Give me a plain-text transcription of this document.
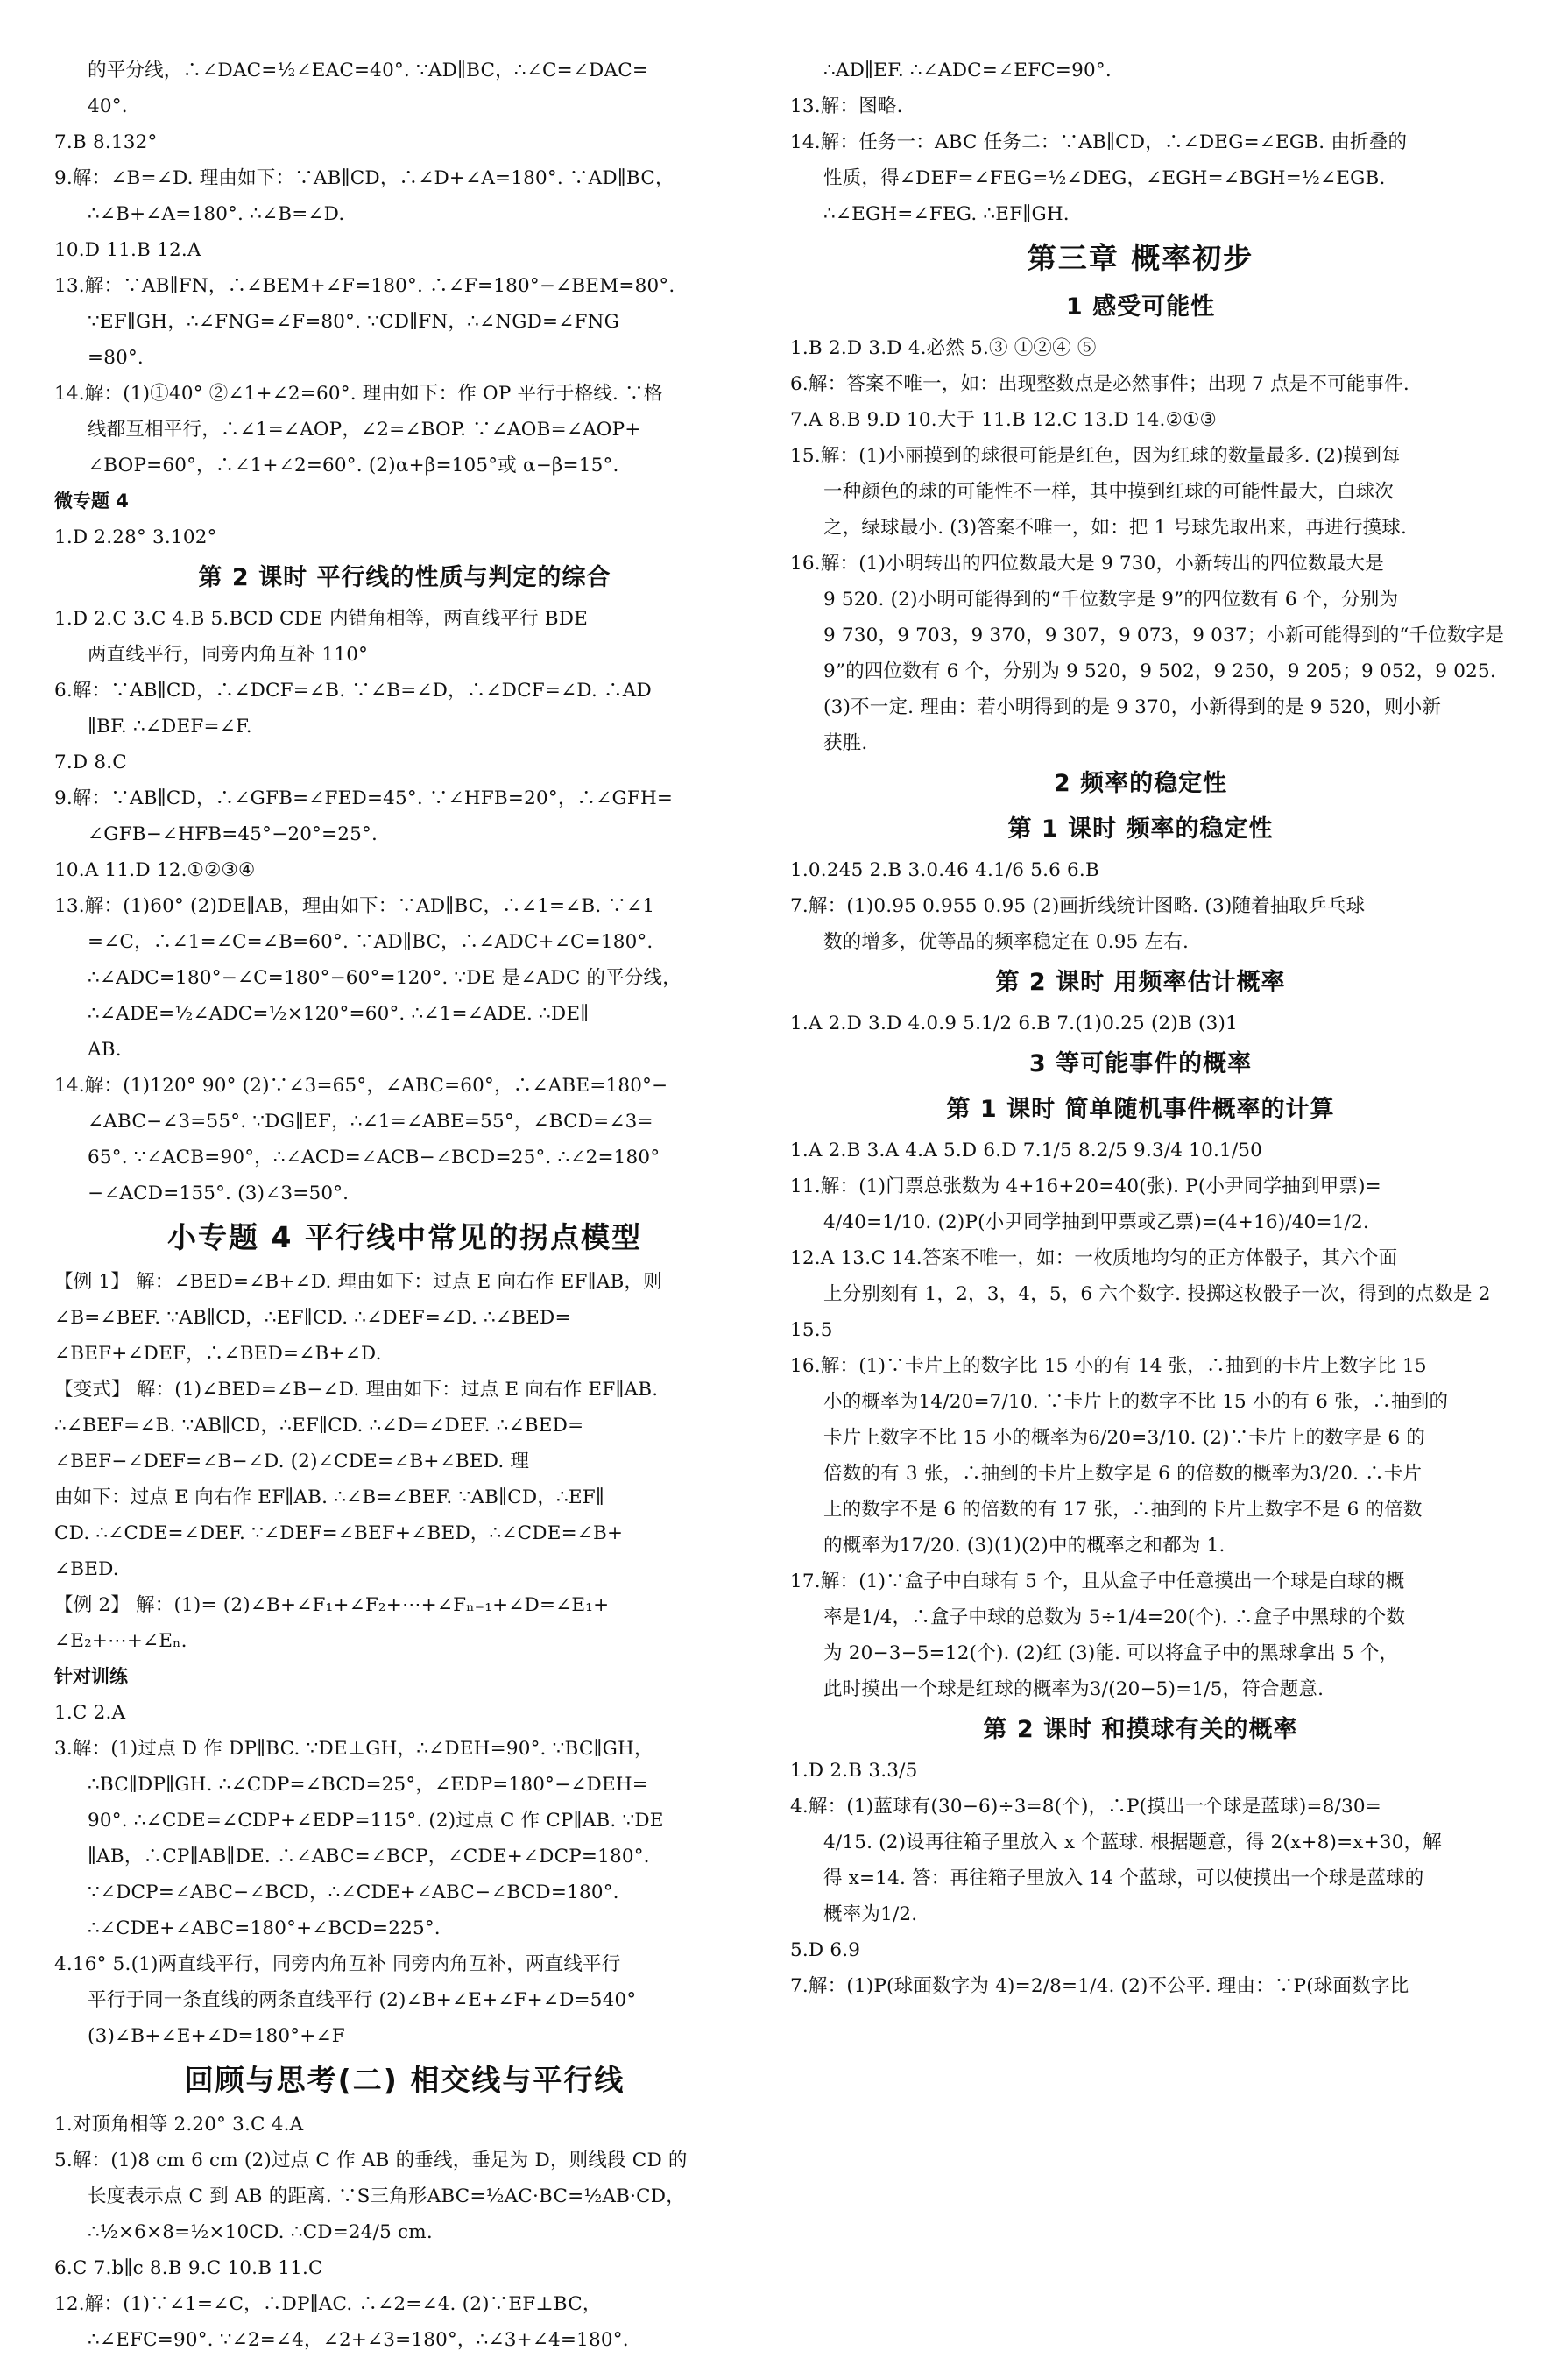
的平分线，∴∠DAC=½∠EAC=40°. ∵AD∥BC，∴∠C=∠DAC=
40°.
7.B 8.132°
9.解：∠B=∠D. 理由如下：∵AB∥CD，∴∠D+∠A=180°. ∵AD∥BC，
∴∠B+∠A=180°. ∴∠B=∠D.
10.D 11.B 12.A
13.解：∵AB∥FN，∴∠BEM+∠F=180°. ∴∠F=180°−∠BEM=80°.
∵EF∥GH，∴∠FNG=∠F=80°. ∵CD∥FN，∴∠NGD=∠FNG
=80°.
14.解：(1)①40° ②∠1+∠2=60°. 理由如下：作 OP 平行于格线. ∵格
线都互相平行，∴∠1=∠AOP，∠2=∠BOP. ∵∠AOB=∠AOP+
∠BOP=60°，∴∠1+∠2=60°. (2)α+β=105°或 α−β=15°.
微专题 4
1.D 2.28° 3.102°
第 2 课时 平行线的性质与判定的综合
1.D 2.C 3.C 4.B 5.BCD CDE 内错角相等，两直线平行 BDE
两直线平行，同旁内角互补 110°
6.解：∵AB∥CD，∴∠DCF=∠B. ∵∠B=∠D，∴∠DCF=∠D. ∴AD
∥BF. ∴∠DEF=∠F.
7.D 8.C
9.解：∵AB∥CD，∴∠GFB=∠FED=45°. ∵∠HFB=20°，∴∠GFH=
∠GFB−∠HFB=45°−20°=25°.
10.A 11.D 12.①②③④
13.解：(1)60° (2)DE∥AB，理由如下：∵AD∥BC，∴∠1=∠B. ∵∠1
=∠C，∴∠1=∠C=∠B=60°. ∵AD∥BC，∴∠ADC+∠C=180°.
∴∠ADC=180°−∠C=180°−60°=120°. ∵DE 是∠ADC 的平分线，
∴∠ADE=½∠ADC=½×120°=60°. ∴∠1=∠ADE. ∴DE∥
AB.
14.解：(1)120° 90° (2)∵∠3=65°，∠ABC=60°，∴∠ABE=180°−
∠ABC−∠3=55°. ∵DG∥EF，∴∠1=∠ABE=55°，∠BCD=∠3=
65°. ∵∠ACB=90°，∴∠ACD=∠ACB−∠BCD=25°. ∴∠2=180°
−∠ACD=155°. (3)∠3=50°.
小专题 4 平行线中常见的拐点模型
【例 1】 解：∠BED=∠B+∠D. 理由如下：过点 E 向右作 EF∥AB，则
∠B=∠BEF. ∵AB∥CD，∴EF∥CD. ∴∠DEF=∠D. ∴∠BED=
∠BEF+∠DEF，∴∠BED=∠B+∠D.
【变式】 解：(1)∠BED=∠B−∠D. 理由如下：过点 E 向右作 EF∥AB.
∴∠BEF=∠B. ∵AB∥CD，∴EF∥CD. ∴∠D=∠DEF. ∴∠BED=
∠BEF−∠DEF=∠B−∠D. (2)∠CDE=∠B+∠BED. 理
由如下：过点 E 向右作 EF∥AB. ∴∠B=∠BEF. ∵AB∥CD，∴EF∥
CD. ∴∠CDE=∠DEF. ∵∠DEF=∠BEF+∠BED，∴∠CDE=∠B+
∠BED.
【例 2】 解：(1)= (2)∠B+∠F₁+∠F₂+⋯+∠Fₙ₋₁+∠D=∠E₁+
∠E₂+⋯+∠Eₙ.
针对训练
1.C 2.A
3.解：(1)过点 D 作 DP∥BC. ∵DE⊥GH，∴∠DEH=90°. ∵BC∥GH，
∴BC∥DP∥GH. ∴∠CDP=∠BCD=25°，∠EDP=180°−∠DEH=
90°. ∴∠CDE=∠CDP+∠EDP=115°. (2)过点 C 作 CP∥AB. ∵DE
∥AB，∴CP∥AB∥DE. ∴∠ABC=∠BCP，∠CDE+∠DCP=180°.
∵∠DCP=∠ABC−∠BCD，∴∠CDE+∠ABC−∠BCD=180°.
∴∠CDE+∠ABC=180°+∠BCD=225°.
4.16° 5.(1)两直线平行，同旁内角互补 同旁内角互补，两直线平行
平行于同一条直线的两条直线平行 (2)∠B+∠E+∠F+∠D=540°
(3)∠B+∠E+∠D=180°+∠F
回顾与思考(二) 相交线与平行线
1.对顶角相等 2.20° 3.C 4.A
5.解：(1)8 cm 6 cm (2)过点 C 作 AB 的垂线，垂足为 D，则线段 CD 的
长度表示点 C 到 AB 的距离. ∵S三角形ABC=½AC·BC=½AB·CD，
∴½×6×8=½×10CD. ∴CD=24/5 cm.
6.C 7.b∥c 8.B 9.C 10.B 11.C
12.解：(1)∵∠1=∠C，∴DP∥AC. ∴∠2=∠4. (2)∵EF⊥BC，
∴∠EFC=90°. ∵∠2=∠4，∠2+∠3=180°，∴∠3+∠4=180°.
∴AD∥EF. ∴∠ADC=∠EFC=90°.
13.解：图略.
14.解：任务一：ABC 任务二：∵AB∥CD，∴∠DEG=∠EGB. 由折叠的
性质，得∠DEF=∠FEG=½∠DEG，∠EGH=∠BGH=½∠EGB.
∴∠EGH=∠FEG. ∴EF∥GH.
第三章 概率初步
1 感受可能性
1.B 2.D 3.D 4.必然 5.③ ①②④ ⑤
6.解：答案不唯一，如：出现整数点是必然事件；出现 7 点是不可能事件.
7.A 8.B 9.D 10.大于 11.B 12.C 13.D 14.②①③
15.解：(1)小丽摸到的球很可能是红色，因为红球的数量最多. (2)摸到每
一种颜色的球的可能性不一样，其中摸到红球的可能性最大，白球次
之，绿球最小. (3)答案不唯一，如：把 1 号球先取出来，再进行摸球.
16.解：(1)小明转出的四位数最大是 9 730，小新转出的四位数最大是
9 520. (2)小明可能得到的“千位数字是 9”的四位数有 6 个，分别为
9 730，9 703，9 370，9 307，9 073，9 037；小新可能得到的“千位数字是
9”的四位数有 6 个，分别为 9 520，9 502，9 250，9 205；9 052，9 025.
(3)不一定. 理由：若小明得到的是 9 370，小新得到的是 9 520，则小新
获胜.
2 频率的稳定性
第 1 课时 频率的稳定性
1.0.245 2.B 3.0.46 4.1/6 5.6 6.B
7.解：(1)0.95 0.955 0.95 (2)画折线统计图略. (3)随着抽取乒乓球
数的增多，优等品的频率稳定在 0.95 左右.
第 2 课时 用频率估计概率
1.A 2.D 3.D 4.0.9 5.1/2 6.B 7.(1)0.25 (2)B (3)1
3 等可能事件的概率
第 1 课时 简单随机事件概率的计算
1.A 2.B 3.A 4.A 5.D 6.D 7.1/5 8.2/5 9.3/4 10.1/50
11.解：(1)门票总张数为 4+16+20=40(张). P(小尹同学抽到甲票)=
4/40=1/10. (2)P(小尹同学抽到甲票或乙票)=(4+16)/40=1/2.
12.A 13.C 14.答案不唯一，如：一枚质地均匀的正方体骰子，其六个面
上分别刻有 1，2，3，4，5，6 六个数字. 投掷这枚骰子一次，得到的点数是 2
15.5
16.解：(1)∵卡片上的数字比 15 小的有 14 张，∴抽到的卡片上数字比 15
小的概率为14/20=7/10. ∵卡片上的数字不比 15 小的有 6 张，∴抽到的
卡片上数字不比 15 小的概率为6/20=3/10. (2)∵卡片上的数字是 6 的
倍数的有 3 张，∴抽到的卡片上数字是 6 的倍数的概率为3/20. ∴卡片
上的数字不是 6 的倍数的有 17 张，∴抽到的卡片上数字不是 6 的倍数
的概率为17/20. (3)(1)(2)中的概率之和都为 1.
17.解：(1)∵盒子中白球有 5 个，且从盒子中任意摸出一个球是白球的概
率是1/4，∴盒子中球的总数为 5÷1/4=20(个). ∴盒子中黑球的个数
为 20−3−5=12(个). (2)红 (3)能. 可以将盒子中的黑球拿出 5 个，
此时摸出一个球是红球的概率为3/(20−5)=1/5，符合题意.
第 2 课时 和摸球有关的概率
1.D 2.B 3.3/5
4.解：(1)蓝球有(30−6)÷3=8(个)，∴P(摸出一个球是蓝球)=8/30=
4/15. (2)设再往箱子里放入 x 个蓝球. 根据题意，得 2(x+8)=x+30，解
得 x=14. 答：再往箱子里放入 14 个蓝球，可以使摸出一个球是蓝球的
概率为1/2.
5.D 6.9
7.解：(1)P(球面数字为 4)=2/8=1/4. (2)不公平. 理由：∵P(球面数字比
